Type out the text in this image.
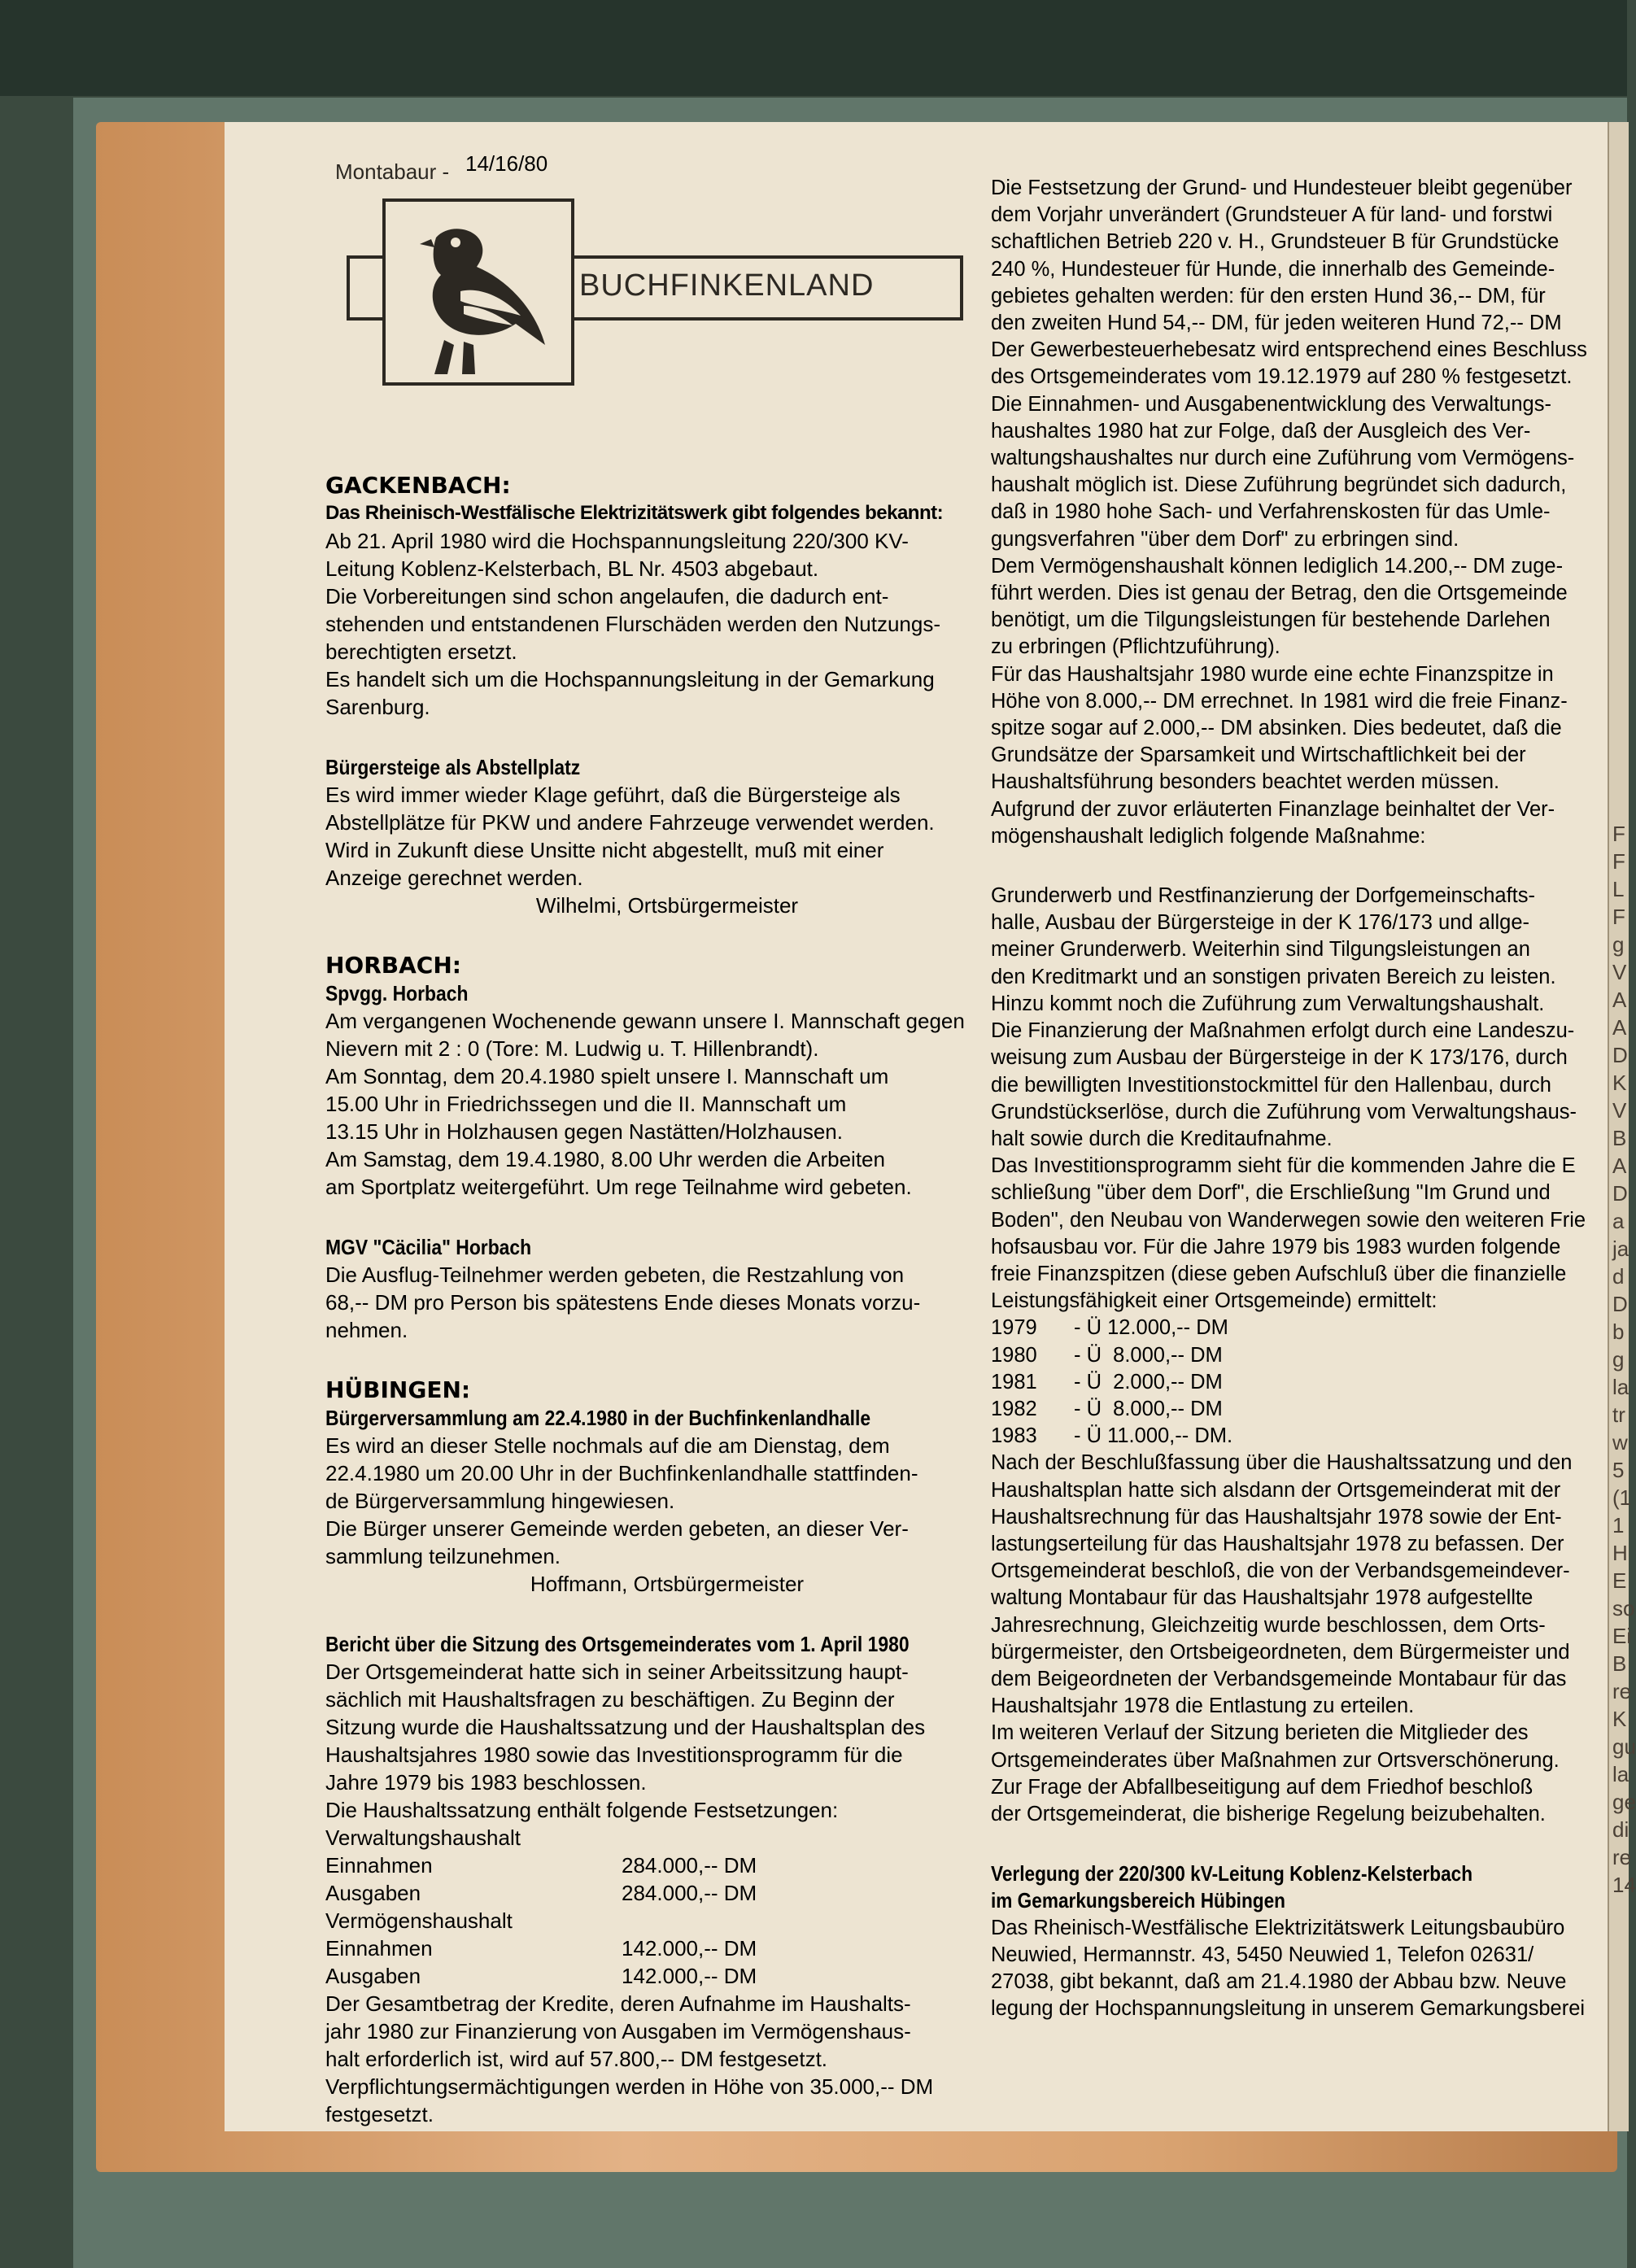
F
F
L
F
g
V
A
A
D
K
V
B
A
D
a
ja
d
D
b
g
la
tr
w
5
(1
1
H
E
so
Ei
B
re
K
gu
la
ge
di
re
14
Montabaur - 14/16/80
BUCHFINKENLAND

GACKENBACH:

Das Rheinisch-Westfälische Elektrizitätswerk gibt folgendes bekannt:

Ab 21. April 1980 wird die Hochspannungsleitung 220/300 KV-

Leitung Koblenz-Kelsterbach, BL Nr. 4503 abgebaut.

Die Vorbereitungen sind schon angelaufen, die dadurch ent-

stehenden und entstandenen Flurschäden werden den Nutzungs-

berechtigten ersetzt.

Es handelt sich um die Hochspannungsleitung in der Gemarkung

Sarenburg.

Bürgersteige als Abstellplatz

Es wird immer wieder Klage geführt, daß die Bürgersteige als

Abstellplätze für PKW und andere Fahrzeuge verwendet werden.

Wird in Zukunft diese Unsitte nicht abgestellt, muß mit einer

Anzeige gerechnet werden.

Wilhelmi, Ortsbürgermeister

HORBACH:

Spvgg. Horbach

Am vergangenen Wochenende gewann unsere I. Mannschaft gegen

Nievern mit 2 : 0 (Tore: M. Ludwig u. T. Hillenbrandt).

Am Sonntag, dem 20.4.1980 spielt unsere I. Mannschaft um

15.00 Uhr in Friedrichssegen und die II. Mannschaft um

13.15 Uhr in Holzhausen gegen Nastätten/Holzhausen.

Am Samstag, dem 19.4.1980, 8.00 Uhr werden die Arbeiten

am Sportplatz weitergeführt. Um rege Teilnahme wird gebeten.

MGV "Cäcilia" Horbach

Die Ausflug-Teilnehmer werden gebeten, die Restzahlung von

68,-- DM pro Person bis spätestens Ende dieses Monats vorzu-

nehmen.

HÜBINGEN:

Bürgerversammlung am 22.4.1980 in der Buchfinkenlandhalle

Es wird an dieser Stelle nochmals auf die am Dienstag, dem

22.4.1980 um 20.00 Uhr in der Buchfinkenlandhalle stattfinden-

de Bürgerversammlung hingewiesen.

Die Bürger unserer Gemeinde werden gebeten, an dieser Ver-

sammlung teilzunehmen.

Hoffmann, Ortsbürgermeister

Bericht über die Sitzung des Ortsgemeinderates vom 1. April 1980

Der Ortsgemeinderat hatte sich in seiner Arbeitssitzung haupt-

sächlich mit Haushaltsfragen zu beschäftigen. Zu Beginn der

Sitzung wurde die Haushaltssatzung und der Haushaltsplan des

Haushaltsjahres 1980 sowie das Investitionsprogramm für die

Jahre 1979 bis 1983 beschlossen.

Die Haushaltssatzung enthält folgende Festsetzungen:

Verwaltungshaushalt
Einnahmen	284.000,-- DM
Ausgaben	284.000,-- DM
Vermögenshaushalt
Einnahmen	142.000,-- DM
Ausgaben	142.000,-- DM

Der Gesamtbetrag der Kredite, deren Aufnahme im Haushalts-

jahr 1980 zur Finanzierung von Ausgaben im Vermögenshaus-

halt erforderlich ist, wird auf 57.800,-- DM festgesetzt.

Verpflichtungsermächtigungen werden in Höhe von 35.000,-- DM

festgesetzt.

Die Festsetzung der Grund- und Hundesteuer bleibt gegenüber

dem Vorjahr unverändert (Grundsteuer A für land- und forstwi

schaftlichen Betrieb 220 v. H., Grundsteuer B für Grundstücke

240 %, Hundesteuer für Hunde, die innerhalb des Gemeinde-

gebietes gehalten werden: für den ersten Hund 36,-- DM, für

den zweiten Hund 54,-- DM, für jeden weiteren Hund 72,-- DM

Der Gewerbesteuerhebesatz wird entsprechend eines Beschluss

des Ortsgemeinderates vom 19.12.1979 auf 280 % festgesetzt.

Die Einnahmen- und Ausgabenentwicklung des Verwaltungs-

haushaltes 1980 hat zur Folge, daß der Ausgleich des Ver-

waltungshaushaltes nur durch eine Zuführung vom Vermögens-

haushalt möglich ist. Diese Zuführung begründet sich dadurch,

daß in 1980 hohe Sach- und Verfahrenskosten für das Umle-

gungsverfahren "über dem Dorf" zu erbringen sind.

Dem Vermögenshaushalt können lediglich 14.200,-- DM zuge-

führt werden. Dies ist genau der Betrag, den die Ortsgemeinde

benötigt, um die Tilgungsleistungen für bestehende Darlehen

zu erbringen (Pflichtzuführung).

Für das Haushaltsjahr 1980 wurde eine echte Finanzspitze in

Höhe von 8.000,-- DM errechnet. In 1981 wird die freie Finanz-

spitze sogar auf 2.000,-- DM absinken. Dies bedeutet, daß die

Grundsätze der Sparsamkeit und Wirtschaftlichkeit bei der

Haushaltsführung besonders beachtet werden müssen.

Aufgrund der zuvor erläuterten Finanzlage beinhaltet der Ver-

mögenshaushalt lediglich folgende Maßnahme:

Grunderwerb und Restfinanzierung der Dorfgemeinschafts-

halle, Ausbau der Bürgersteige in der K 176/173 und allge-

meiner Grunderwerb. Weiterhin sind Tilgungsleistungen an

den Kreditmarkt und an sonstigen privaten Bereich zu leisten.

Hinzu kommt noch die Zuführung zum Verwaltungshaushalt.

Die Finanzierung der Maßnahmen erfolgt durch eine Landeszu-

weisung zum Ausbau der Bürgersteige in der K 173/176, durch

die bewilligten Investitionstockmittel für den Hallenbau, durch

Grundstückserlöse, durch die Zuführung vom Verwaltungshaus-

halt sowie durch die Kreditaufnahme.

Das Investitionsprogramm sieht für die kommenden Jahre die E

schließung "über dem Dorf", die Erschließung "Im Grund und

Boden", den Neubau von Wanderwegen sowie den weiteren Frie

hofsausbau vor. Für die Jahre 1979 bis 1983 wurden folgende

freie Finanzspitzen (diese geben Aufschluß über die finanzielle

Leistungsfähigkeit einer Ortsgemeinde) ermittelt:

1979	- Ü 12.000,-- DM
1980	- Ü  8.000,-- DM
1981	- Ü  2.000,-- DM
1982	- Ü  8.000,-- DM
1983	- Ü 11.000,-- DM.

Nach der Beschlußfassung über die Haushaltssatzung und den

Haushaltsplan hatte sich alsdann der Ortsgemeinderat mit der

Haushaltsrechnung für das Haushaltsjahr 1978 sowie der Ent-

lastungserteilung für das Haushaltsjahr 1978 zu befassen. Der

Ortsgemeinderat beschloß, die von der Verbandsgemeindever-

waltung Montabaur für das Haushaltsjahr 1978 aufgestellte

Jahresrechnung, Gleichzeitig wurde beschlossen, dem Orts-

bürgermeister, den Ortsbeigeordneten, dem Bürgermeister und

dem Beigeordneten der Verbandsgemeinde Montabaur für das

Haushaltsjahr 1978 die Entlastung zu erteilen.

Im weiteren Verlauf der Sitzung berieten die Mitglieder des

Ortsgemeinderates über Maßnahmen zur Ortsverschönerung.

Zur Frage der Abfallbeseitigung auf dem Friedhof beschloß

der Ortsgemeinderat, die bisherige Regelung beizubehalten.

Verlegung der 220/300 kV-Leitung Koblenz-Kelsterbach

im Gemarkungsbereich Hübingen

Das Rheinisch-Westfälische Elektrizitätswerk Leitungsbaubüro

Neuwied, Hermannstr. 43, 5450 Neuwied 1, Telefon 02631/

27038, gibt bekannt, daß am 21.4.1980 der Abbau bzw. Neuve

legung der Hochspannungsleitung in unserem Gemarkungsberei
